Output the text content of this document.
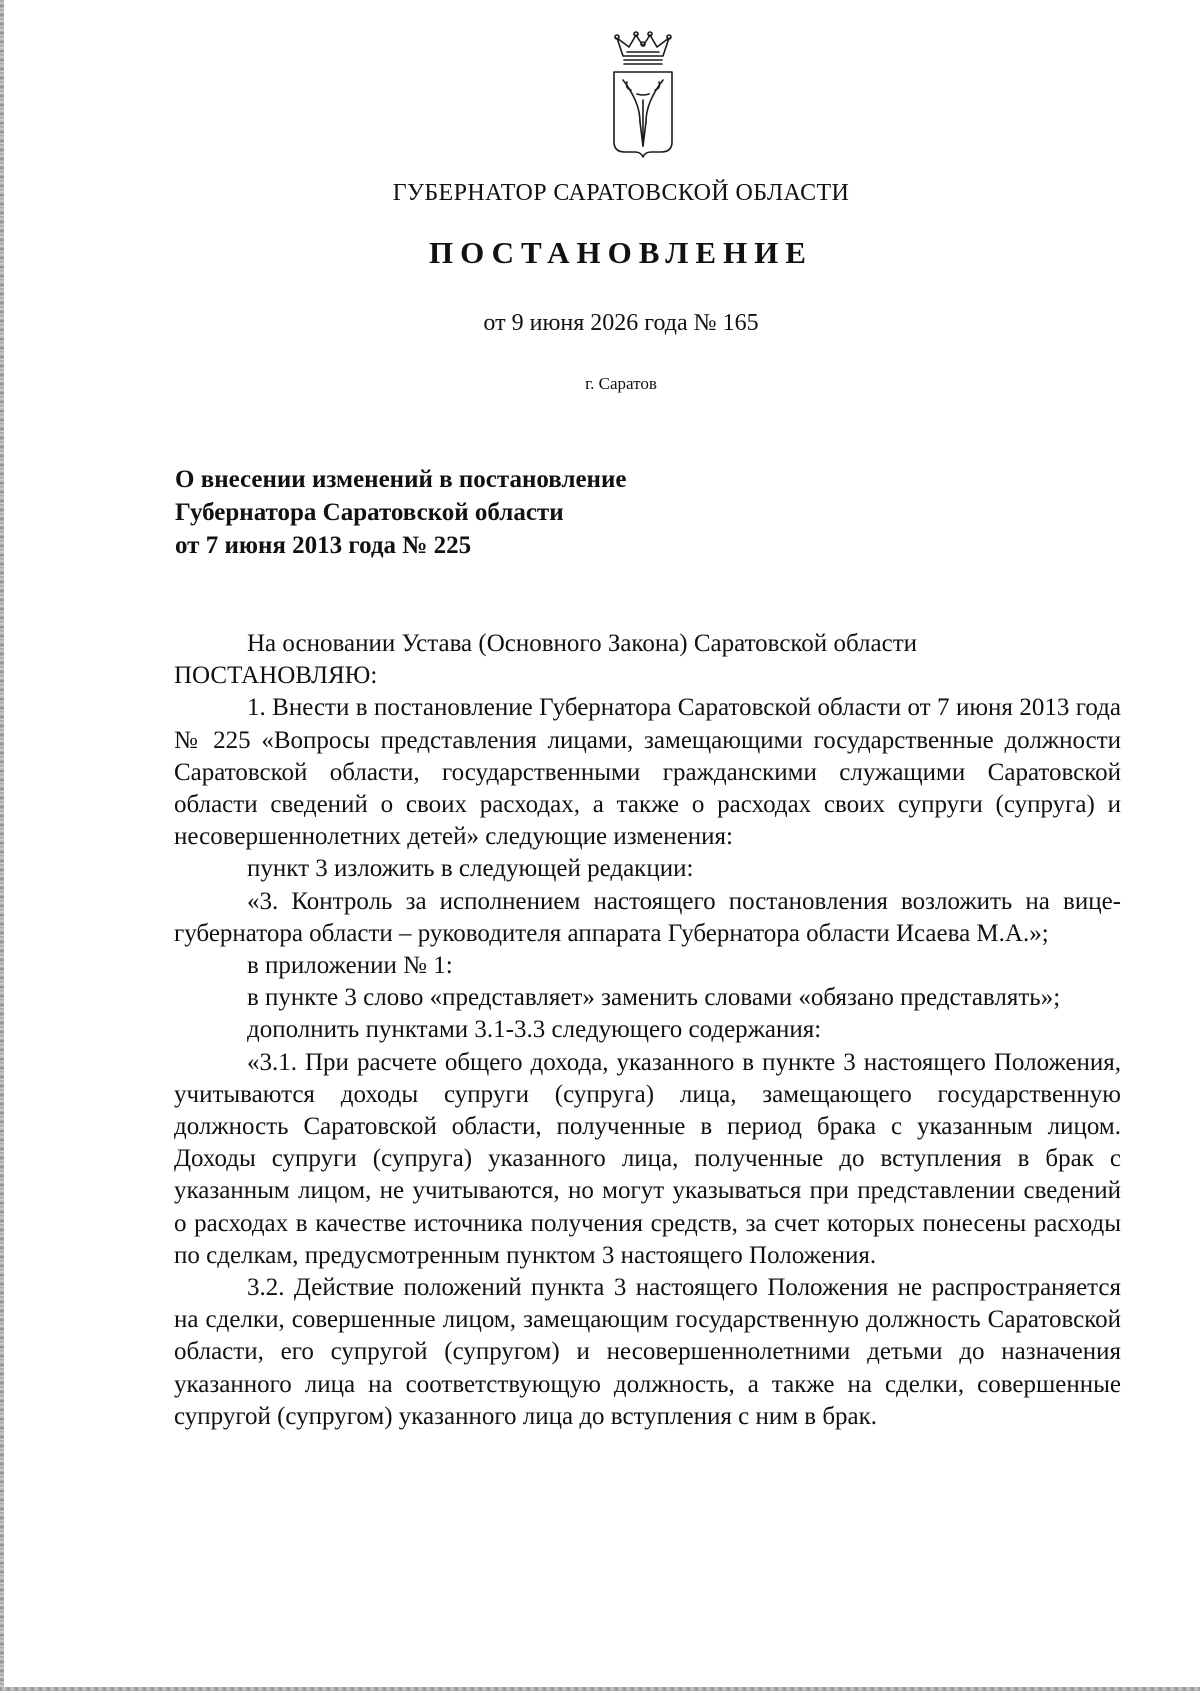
ГУБЕРНАТОР САРАТОВСКОЙ ОБЛАСТИ
ПОСТАНОВЛЕНИЕ
от 9 июня 2026 года № 165
г. Саратов
О внесении изменений в постановление
Губернатора Саратовской области
от 7 июня 2013 года № 225

На основании Устава (Основного Закона) Саратовской области

ПОСТАНОВЛЯЮ:

1. Внести в постановление Губернатора Саратовской области от 7 июня 2013 года № 225 «Вопросы представления лицами, замещающими государственные должности Саратовской области, государственными гражданскими служащими Саратовской области сведений о своих расходах, а также о расходах своих супруги (супруга) и несовершеннолетних детей» следующие изменения:

пункт 3 изложить в следующей редакции:

«3. Контроль за исполнением настоящего постановления возложить на вице-губернатора области – руководителя аппарата Губернатора области Исаева М.А.»;

в приложении № 1:

в пункте 3 слово «представляет» заменить словами «обязано представлять»;

дополнить пунктами 3.1-3.3 следующего содержания:

«3.1. При расчете общего дохода, указанного в пункте 3 настоящего Положения, учитываются доходы супруги (супруга) лица, замещающего государственную должность Саратовской области, полученные в период брака с указанным лицом. Доходы супруги (супруга) указанного лица, полученные до вступления в брак с указанным лицом, не учитываются, но могут указываться при представлении сведений о расходах в качестве источника получения средств, за счет которых понесены расходы по сделкам, предусмотренным пунктом 3 настоящего Положения.

3.2. Действие положений пункта 3 настоящего Положения не распространяется на сделки, совершенные лицом, замещающим государственную должность Саратовской области, его супругой (супругом) и несовершеннолетними детьми до назначения указанного лица на соответствующую должность, а также на сделки, совершенные супругой (супругом) указанного лица до вступления с ним в брак.
